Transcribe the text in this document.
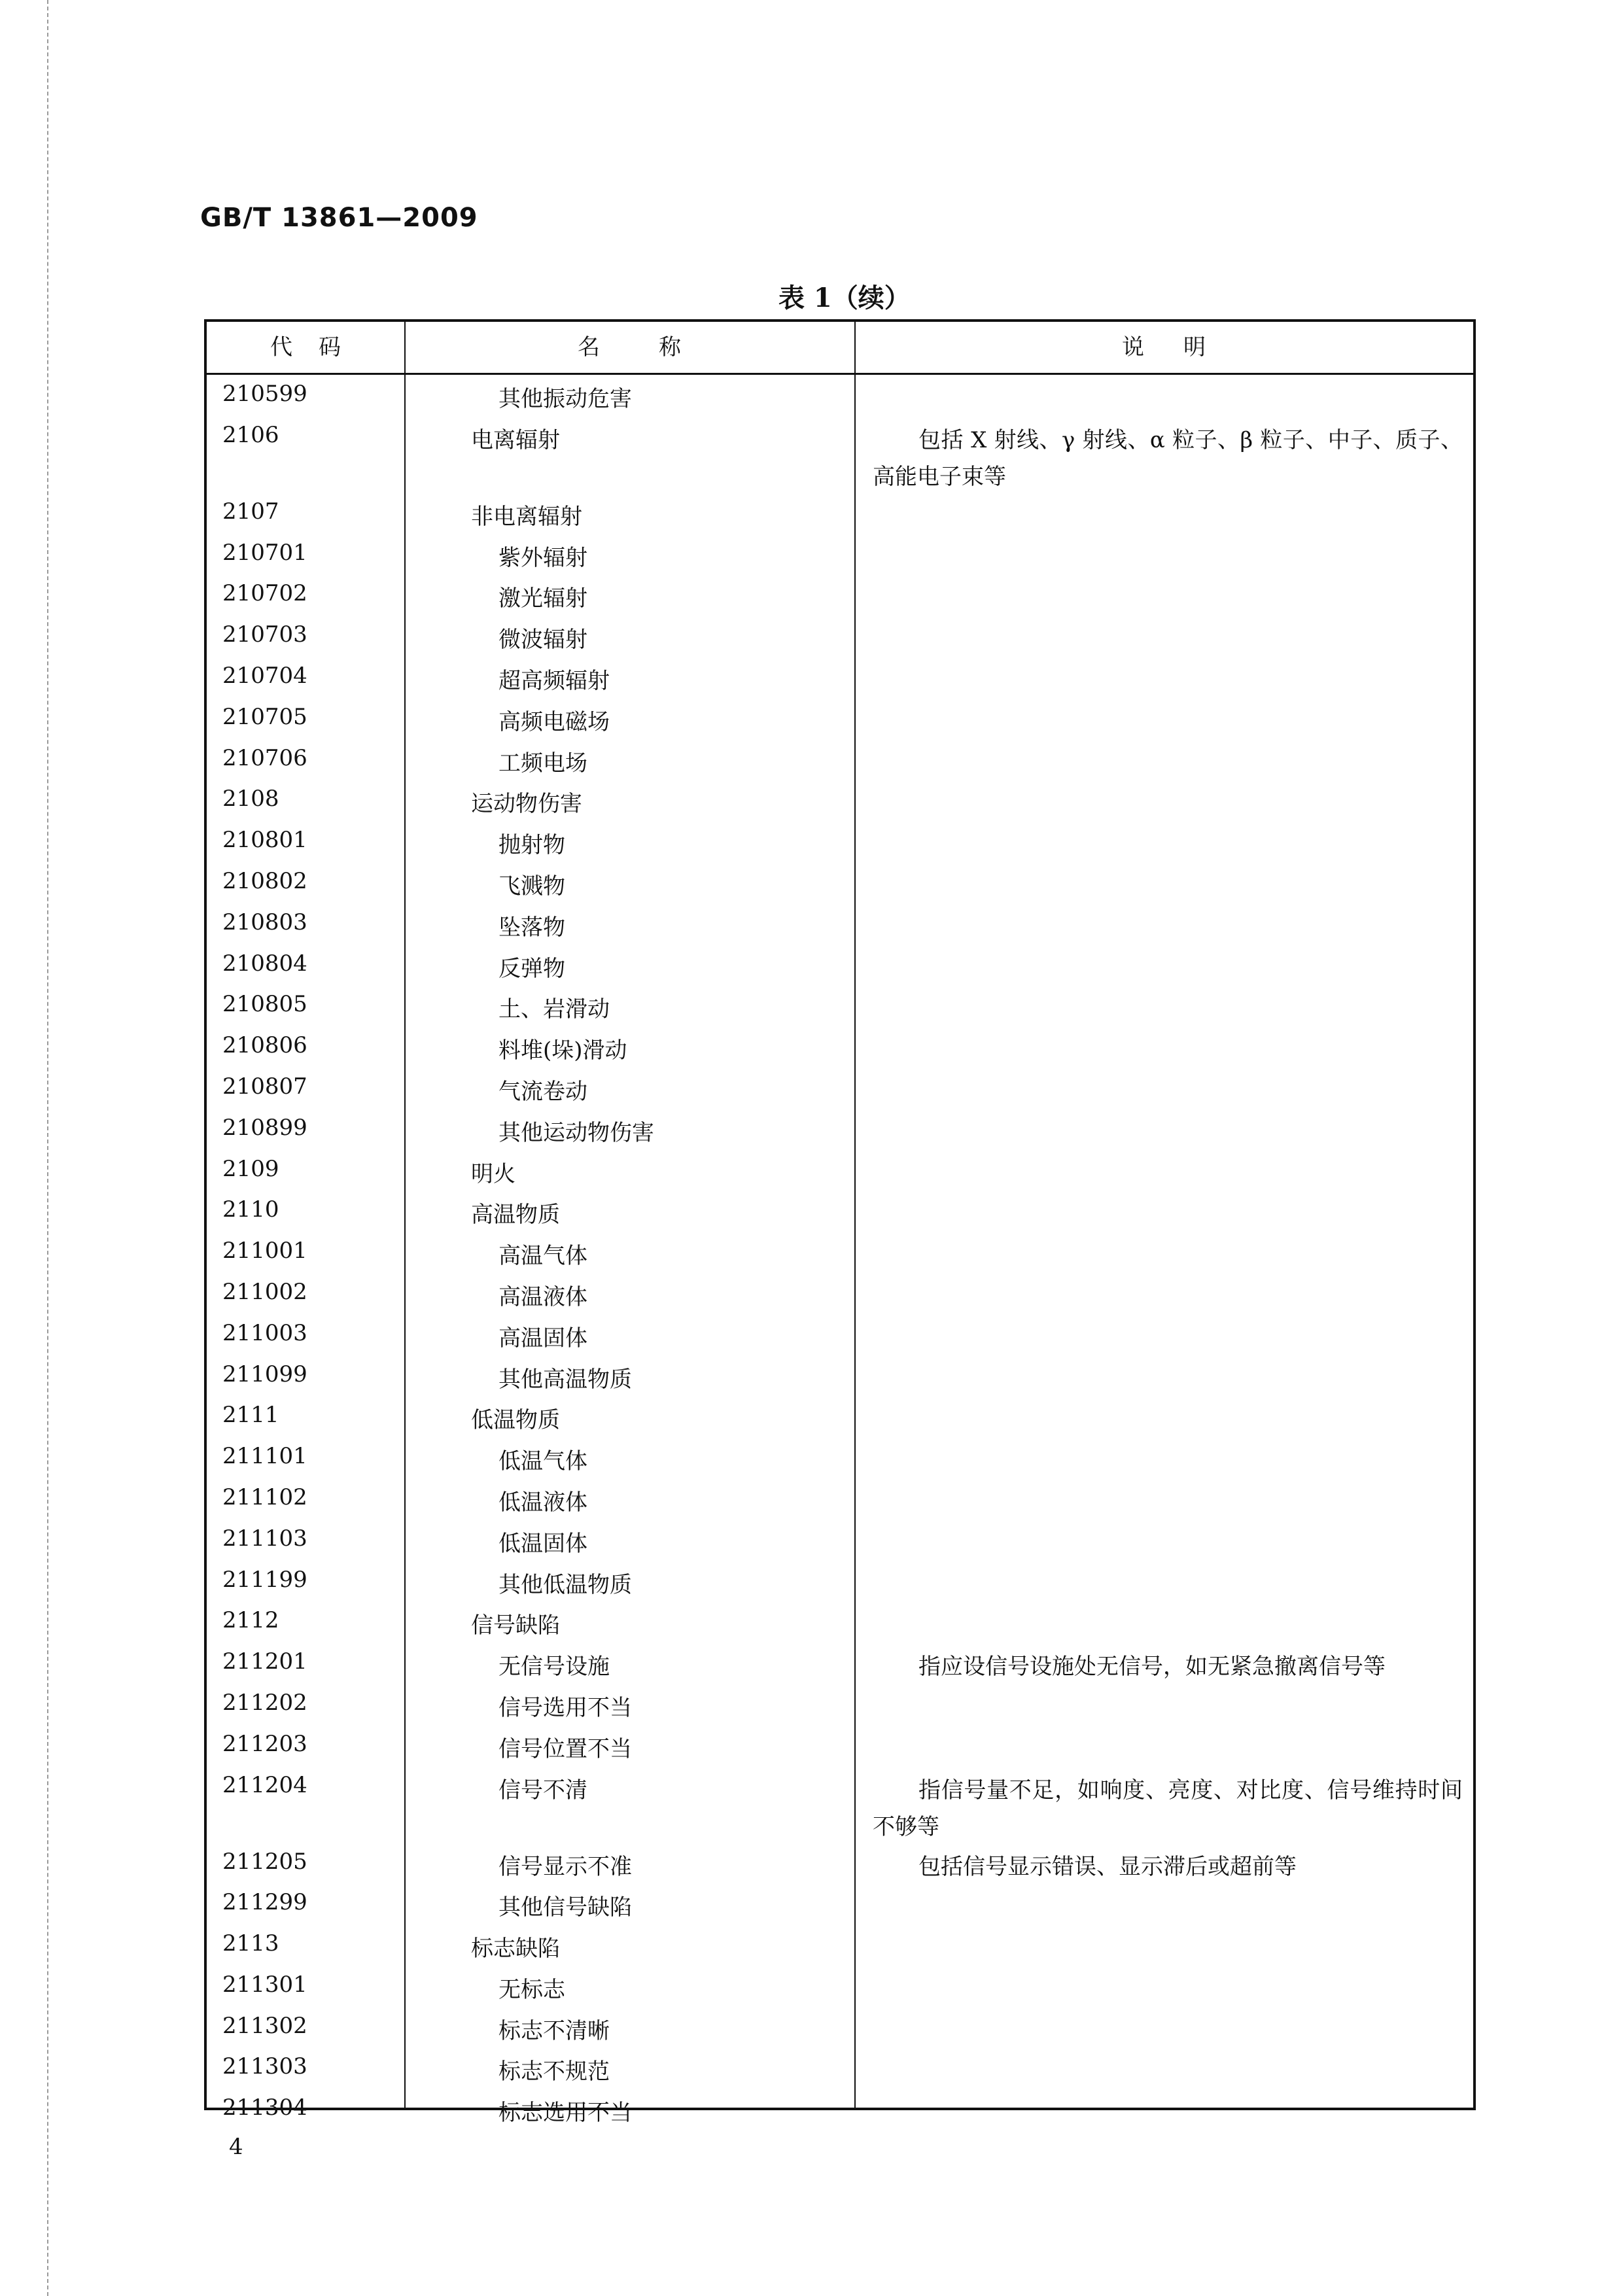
GB/T 13861—2009
表 1（续）
代码	名称	说明
210599	其他振动危害
2106	电离辐射	包括 X 射线、γ 射线、α 粒子、β 粒子、中子、质子、高能电子束等
2107	非电离辐射
210701	紫外辐射
210702	激光辐射
210703	微波辐射
210704	超高频辐射
210705	高频电磁场
210706	工频电场
2108	运动物伤害
210801	抛射物
210802	飞溅物
210803	坠落物
210804	反弹物
210805	土、岩滑动
210806	料堆(垛)滑动
210807	气流卷动
210899	其他运动物伤害
2109	明火
2110	高温物质
211001	高温气体
211002	高温液体
211003	高温固体
211099	其他高温物质
2111	低温物质
211101	低温气体
211102	低温液体
211103	低温固体
211199	其他低温物质
2112	信号缺陷
211201	无信号设施	指应设信号设施处无信号，如无紧急撤离信号等
211202	信号选用不当
211203	信号位置不当
211204	信号不清	指信号量不足，如响度、亮度、对比度、信号维持时间不够等
211205	信号显示不准	包括信号显示错误、显示滞后或超前等
211299	其他信号缺陷
2113	标志缺陷
211301	无标志
211302	标志不清晰
211303	标志不规范
211304	标志选用不当
4
